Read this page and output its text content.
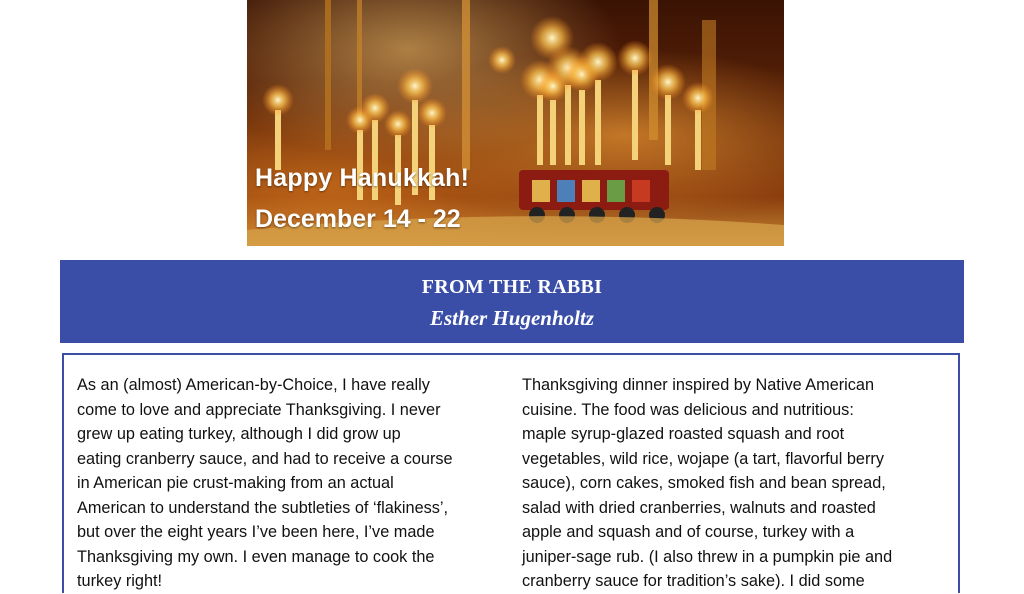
Happy Hanukkah!
December 14 - 22
FROM THE RABBI
Esther Hugenholtz
As an (almost) American-by-Choice, I have really
come to love and appreciate Thanksgiving. I never
grew up eating turkey, although I did grow up
eating cranberry sauce, and had to receive a course
in American pie crust-making from an actual
American to understand the subtleties of ‘flakiness’,
but over the eight years I’ve been here, I’ve made
Thanksgiving my own. I even manage to cook the
turkey right!
Thanksgiving dinner inspired by Native American
cuisine. The food was delicious and nutritious:
maple syrup-glazed roasted squash and root
vegetables, wild rice, wojape (a tart, flavorful berry
sauce), corn cakes, smoked fish and bean spread,
salad with dried cranberries, walnuts and roasted
apple and squash and of course, turkey with a
juniper-sage rub. (I also threw in a pumpkin pie and
cranberry sauce for tradition’s sake). I did some
